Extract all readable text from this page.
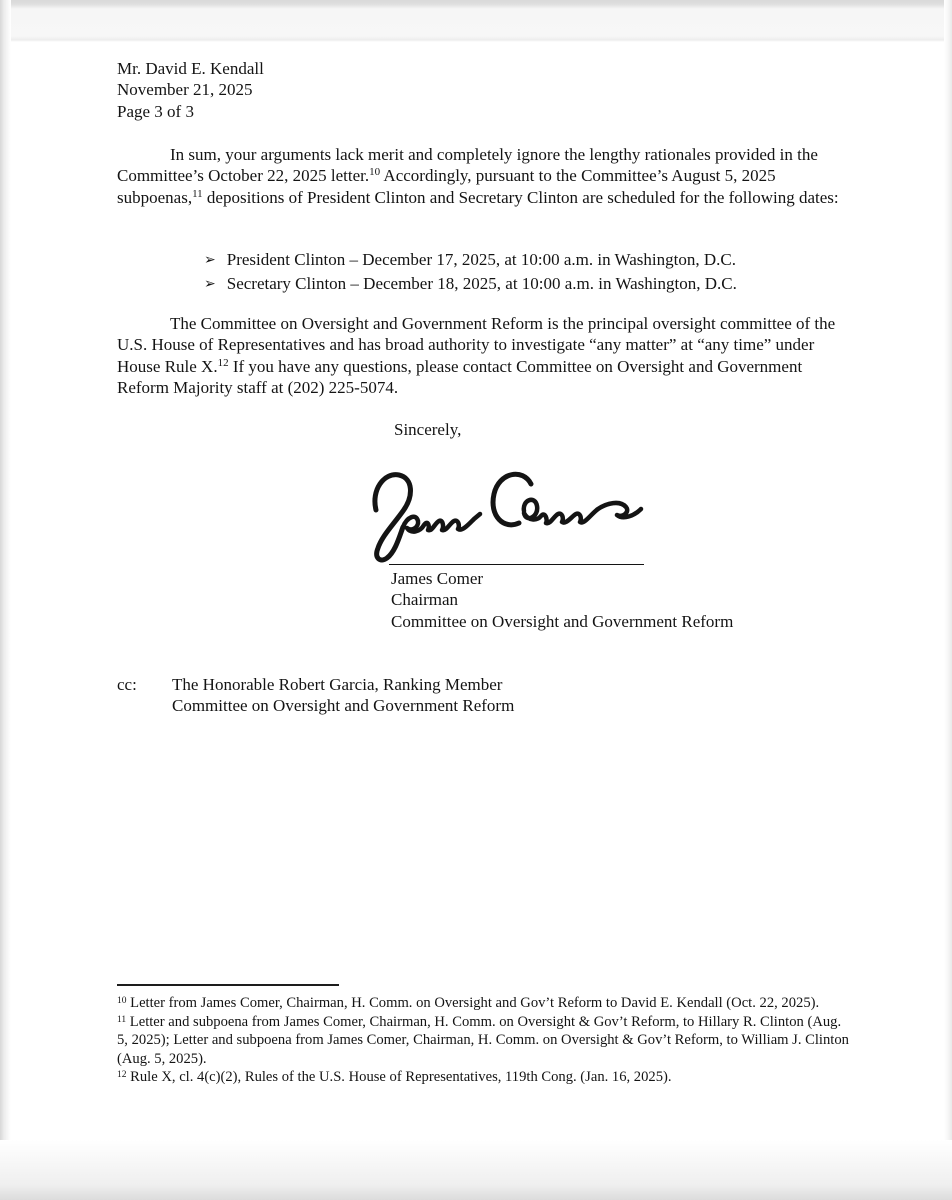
Mr. David E. Kendall
November 21, 2025
Page 3 of 3
In sum, your arguments lack merit and completely ignore the lengthy rationales provided in the Committee’s October 22, 2025 letter.$^{10}$ Accordingly, pursuant to the Committee’s August 5, 2025 subpoenas,$^{11}$ depositions of President Clinton and Secretary Clinton are scheduled for the following dates:
➢ President Clinton – December 17, 2025, at 10:00 a.m. in Washington, D.C.
➢ Secretary Clinton – December 18, 2025, at 10:00 a.m. in Washington, D.C.
The Committee on Oversight and Government Reform is the principal oversight committee of the U.S. House of Representatives and has broad authority to investigate “any matter” at “any time” under House Rule X.$^{12}$ If you have any questions, please contact Committee on Oversight and Government Reform Majority staff at (202) 225-5074.
Sincerely,
James Comer
Chairman
Committee on Oversight and Government Reform
cc:	The Honorable Robert Garcia, Ranking Member
Committee on Oversight and Government Reform
$^{10}$ Letter from James Comer, Chairman, H. Comm. on Oversight and Gov’t Reform to David E. Kendall (Oct. 22, 2025).
$^{11}$ Letter and subpoena from James Comer, Chairman, H. Comm. on Oversight & Gov’t Reform, to Hillary R. Clinton (Aug. 5, 2025); Letter and subpoena from James Comer, Chairman, H. Comm. on Oversight & Gov’t Reform, to William J. Clinton (Aug. 5, 2025).
$^{12}$ Rule X, cl. 4(c)(2), Rules of the U.S. House of Representatives, 119th Cong. (Jan. 16, 2025).
